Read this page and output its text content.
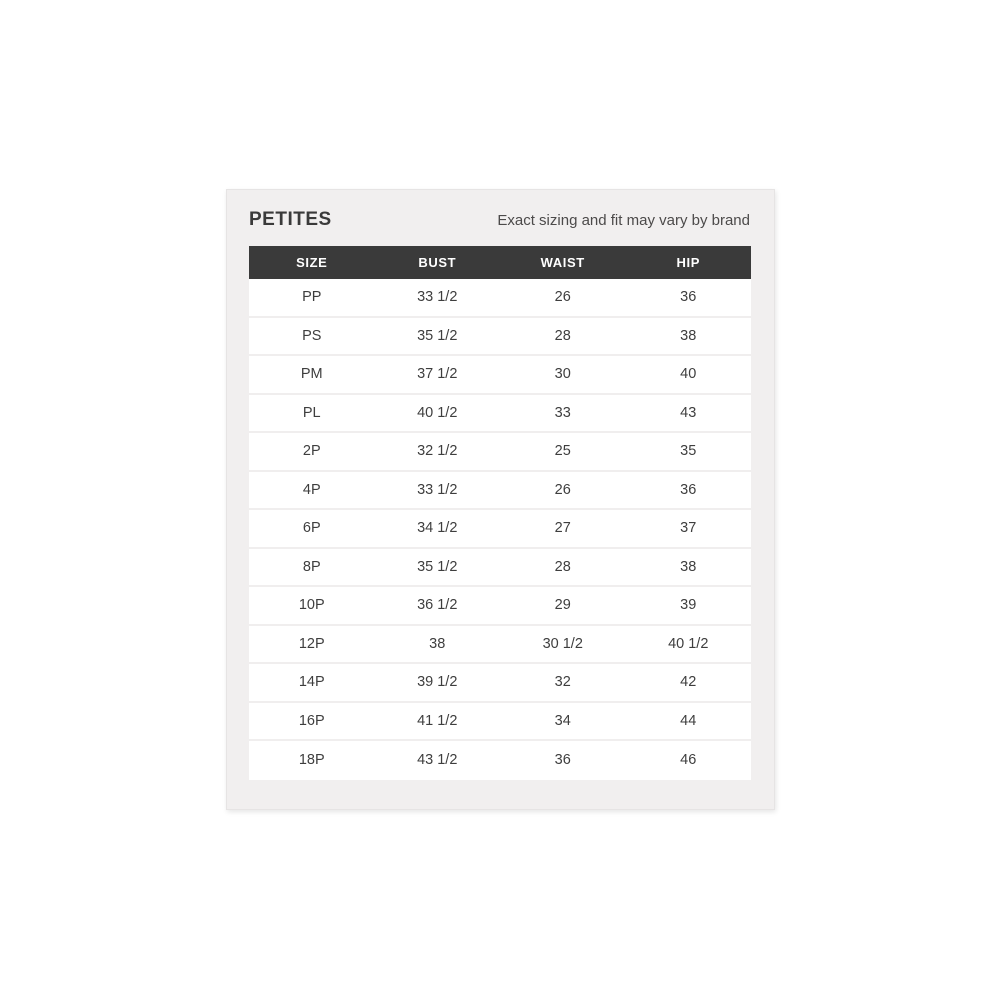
PETITES	Exact sizing and fit may vary by brand
SIZE	BUST	WAIST	HIP
PP	33 1/2	26	36
PS	35 1/2	28	38
PM	37 1/2	30	40
PL	40 1/2	33	43
2P	32 1/2	25	35
4P	33 1/2	26	36
6P	34 1/2	27	37
8P	35 1/2	28	38
10P	36 1/2	29	39
12P	38	30 1/2	40 1/2
14P	39 1/2	32	42
16P	41 1/2	34	44
18P	43 1/2	36	46
